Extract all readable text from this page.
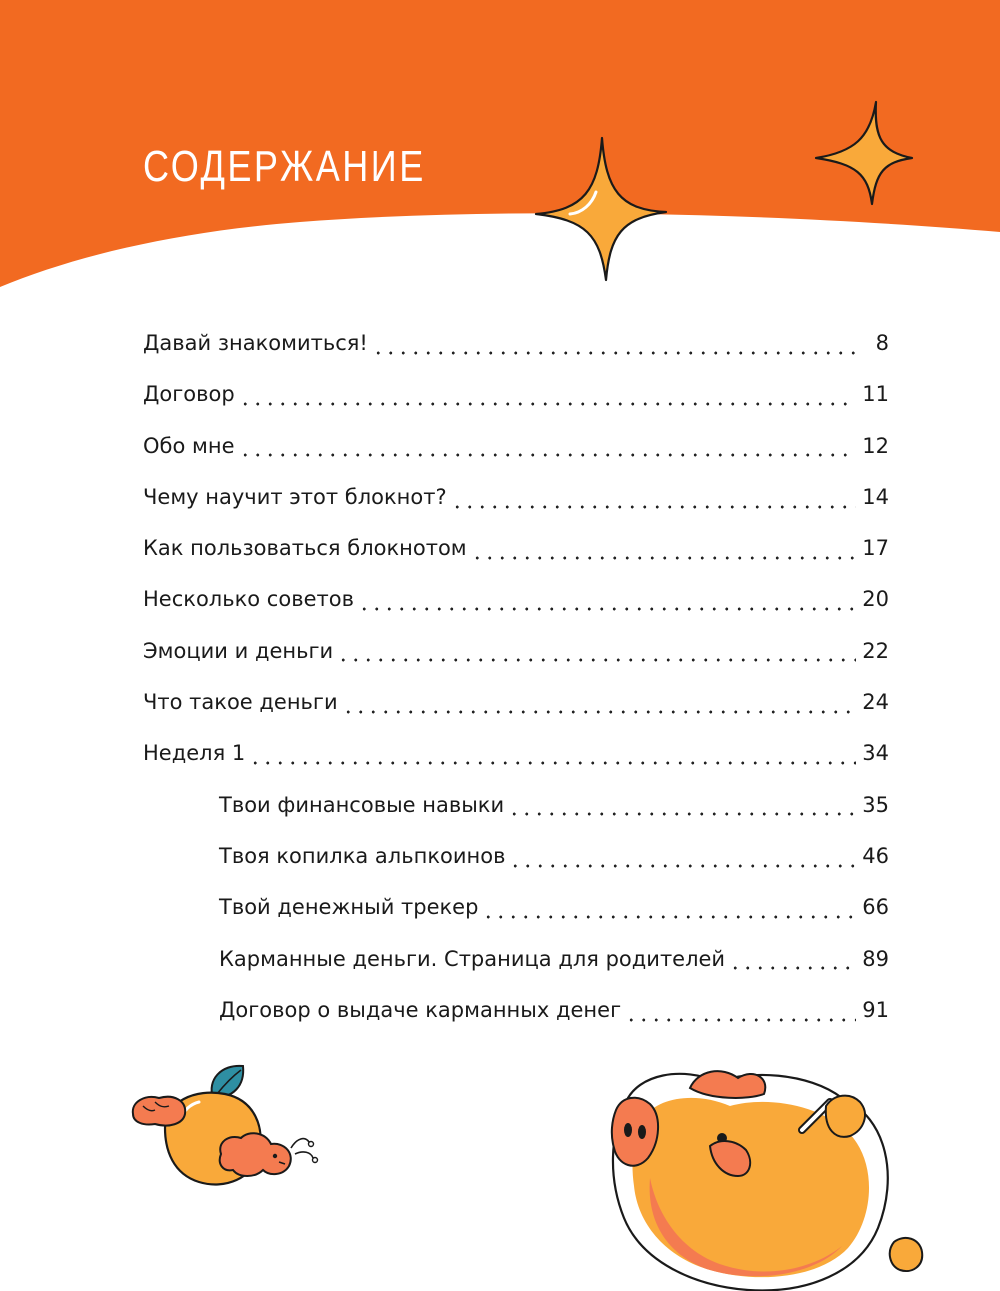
СОДЕРЖАНИЕ
Давай знакомиться!	8
Договор	11
Обо мне	12
Чему научит этот блокнот?	14
Как пользоваться блокнотом	17
Несколько советов	20
Эмоции и деньги	22
Что такое деньги	24
Неделя 1	34
Твои финансовые навыки	35
Твоя копилка альпкоинов	46
Твой денежный трекер	66
Карманные деньги. Страница для родителей	89
Договор о выдаче карманных денег	91
